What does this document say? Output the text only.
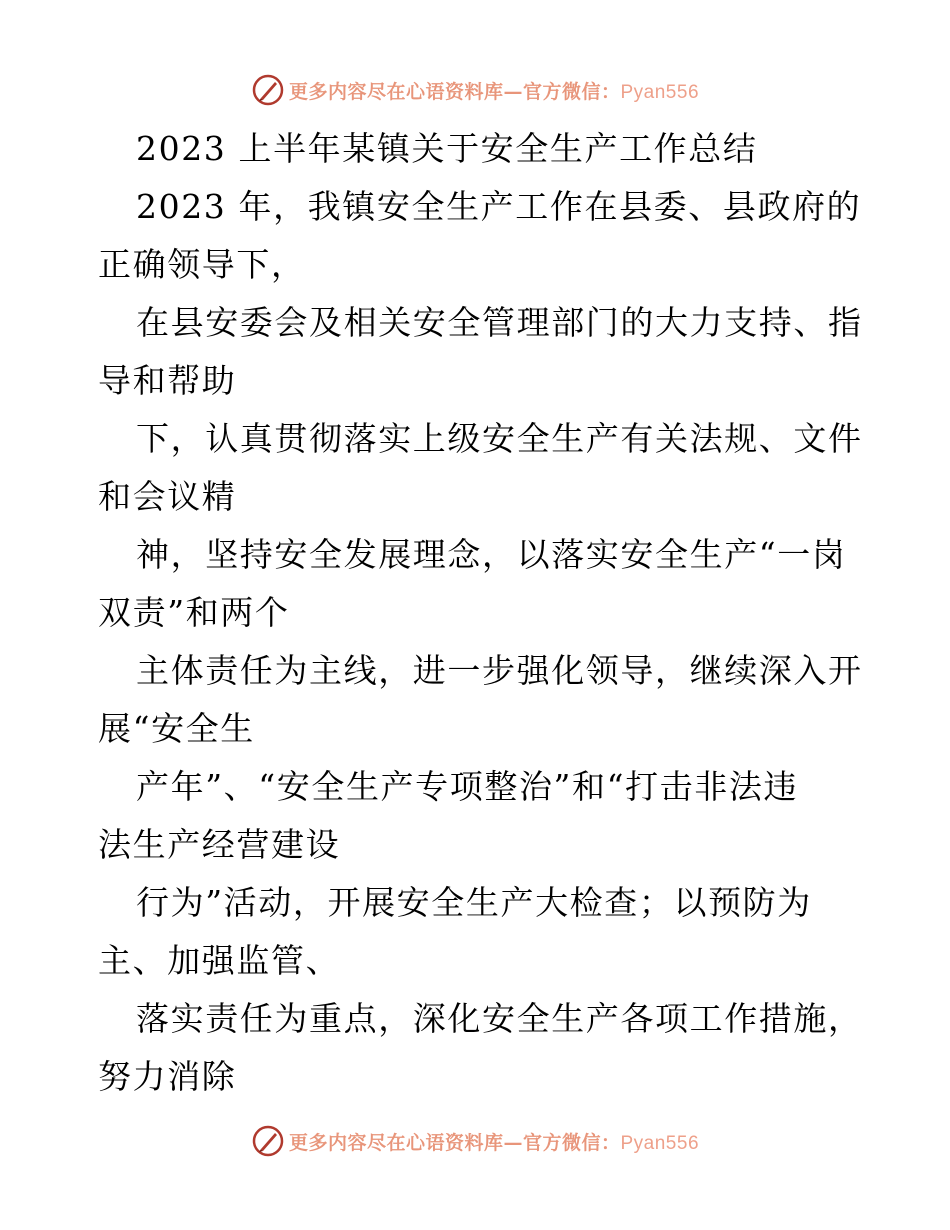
更多内容尽在心语资料库—官方微信：Pyan556
2023 上半年某镇关于安全生产工作总结
2023 年，我镇安全生产工作在县委、县政府的
正确领导下，
在县安委会及相关安全管理部门的大力支持、指
导和帮助
下，认真贯彻落实上级安全生产有关法规、文件
和会议精
神，坚持安全发展理念，以落实安全生产“一岗
双责”和两个
主体责任为主线，进一步强化领导，继续深入开
展“安全生
产年”、“安全生产专项整治”和“打击非法违
法生产经营建设
行为”活动，开展安全生产大检查；以预防为
主、加强监管、
落实责任为重点，深化安全生产各项工作措施，
努力消除
更多内容尽在心语资料库—官方微信：Pyan556
